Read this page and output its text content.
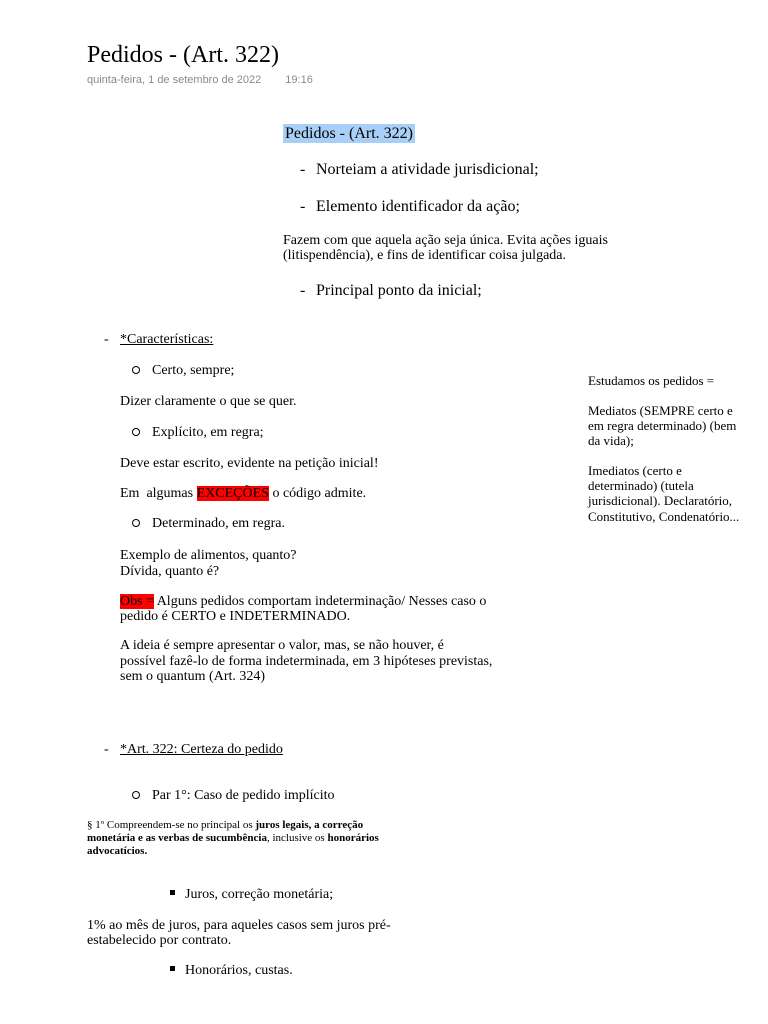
Pedidos - (Art. 322)
quinta-feira, 1 de setembro de 2022 19:16
Pedidos - (Art. 322)
- Norteiam a atividade jurisdicional;
- Elemento identificador da ação;
Fazem com que aquela ação seja única. Evita ações iguais
(litispendência), e fins de identificar coisa julgada.
- Principal ponto da inicial;
- *Características:
Certo, sempre;
Dizer claramente o que se quer.
Explícito, em regra;
Deve estar escrito, evidente na petição inicial!
Em  algumas EXCEÇÕES o código admite.
Determinado, em regra.
Exemplo de alimentos, quanto?
Dívida, quanto é?
Obs = Alguns pedidos comportam indeterminação/ Nesses caso o
pedido é CERTO e INDETERMINADO.
A ideia é sempre apresentar o valor, mas, se não houver, é
possível fazê-lo de forma indeterminada, em 3 hipóteses previstas,
sem o quantum (Art. 324)
Estudamos os pedidos =
Mediatos (SEMPRE certo e
em regra determinado) (bem
da vida);
Imediatos (certo e
determinado) (tutela
jurisdicional). Declaratório,
Constitutivo, Condenatório...
- *Art. 322: Certeza do pedido
Par 1°: Caso de pedido implícito
§ 1º Compreendem-se no principal os juros legais, a correção
monetária e as verbas de sucumbência, inclusive os honorários
advocatícios.
Juros, correção monetária;
1% ao mês de juros, para aqueles casos sem juros pré-
estabelecido por contrato.
Honorários, custas.
